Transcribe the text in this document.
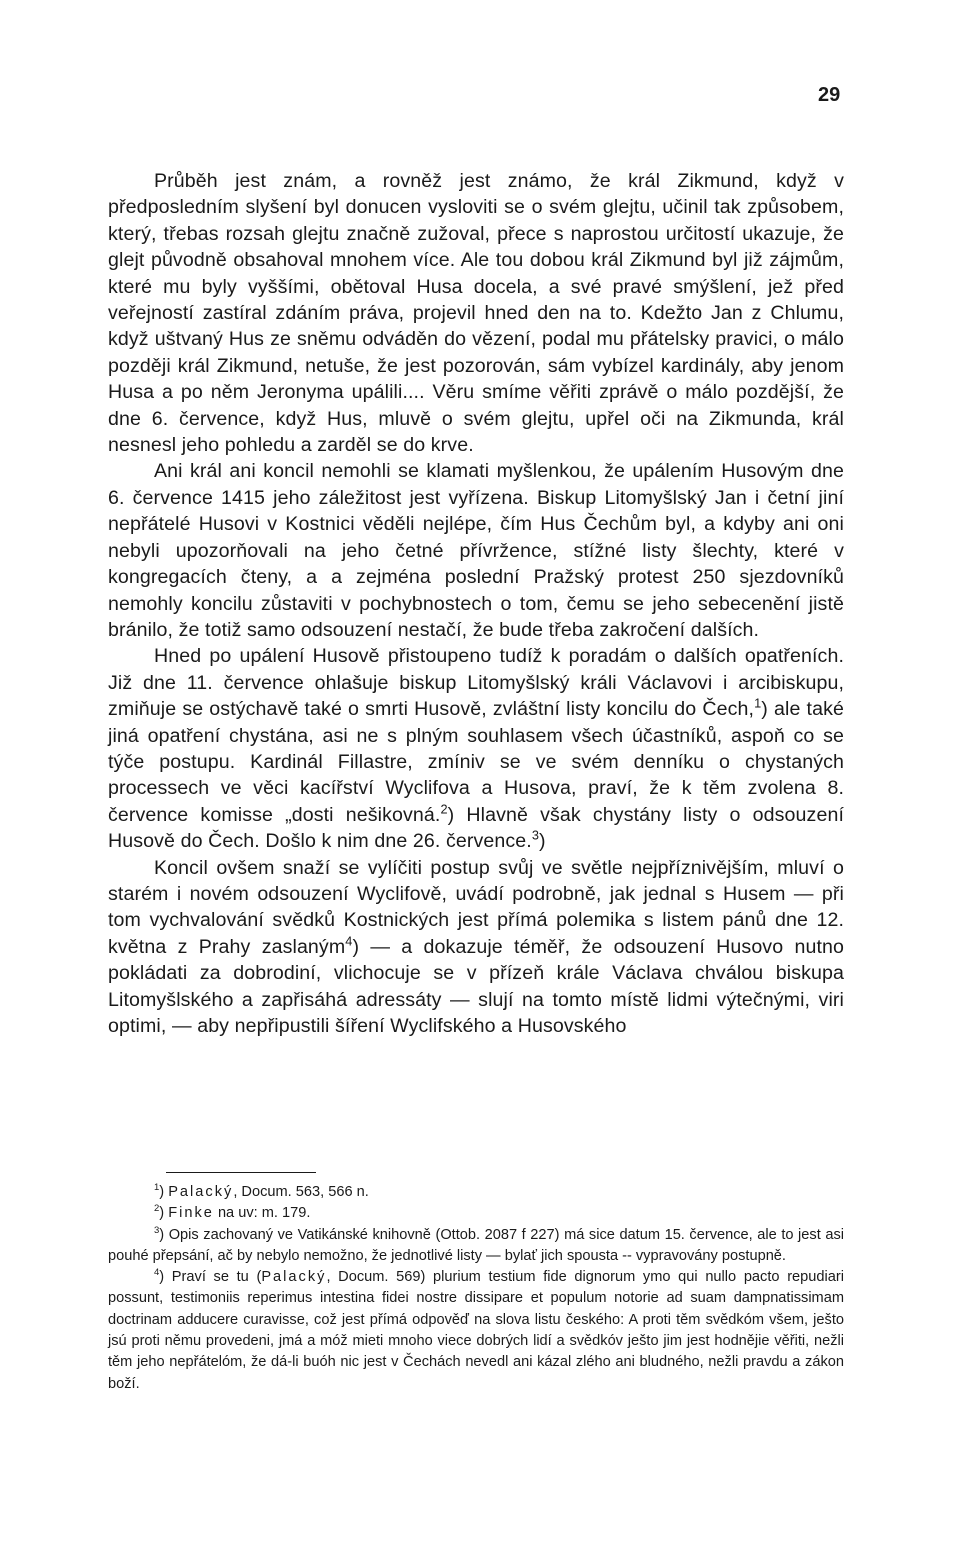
29

Průběh jest znám, a rovněž jest známo, že král Zikmund, když v předposledním slyšení byl donucen vysloviti se o svém glejtu, učinil tak způsobem, který, třebas rozsah glejtu značně zužoval, přece s naprostou určitostí ukazuje, že glejt původně obsahoval mnohem více. Ale tou dobou král Zikmund byl již zájmům, které mu byly vyššími, obětoval Husa docela, a své pravé smýšlení, jež před veřejností zastíral zdáním práva, projevil hned den na to. Kdežto Jan z Chlumu, když uštvaný Hus ze sněmu odváděn do vězení, podal mu přátelsky pravici, o málo později král Zikmund, netuše, že jest pozorován, sám vybízel kardinály, aby jenom Husa a po něm Jeronyma upálili.... Věru smíme věřiti zprávě o málo pozdější, že dne 6. července, když Hus, mluvě o svém glejtu, upřel oči na Zikmunda, král nesnesl jeho pohledu a zarděl se do krve.

Ani král ani koncil nemohli se klamati myšlenkou, že upálením Husovým dne 6. července 1415 jeho záležitost jest vyřízena. Biskup Litomyšlský Jan i četní jiní nepřátelé Husovi v Kostnici věděli nejlépe, čím Hus Čechům byl, a kdyby ani oni nebyli upozorňovali na jeho četné přívržence, stížné listy šlechty, které v kongregacích čteny, a a zejména poslední Pražský protest 250 sjezdovníků nemohly koncilu zůstaviti v pochybnostech o tom, čemu se jeho sebecenění jistě bránilo, že totiž samo odsouzení nestačí, že bude třeba zakročení dalších.

Hned po upálení Husově přistoupeno tudíž k poradám o dalších opatřeních. Již dne 11. července ohlašuje biskup Litomyšlský králi Václavovi i arcibiskupu, zmiňuje se ostýchavě také o smrti Husově, zvláštní listy koncilu do Čech,$^1$) ale také jiná opatření chystána, asi ne s plným souhlasem všech účastníků, aspoň co se týče postupu. Kardinál Fillastre, zmíniv se ve svém denníku o chystaných processech ve věci kacířství Wyclifova a Husova, praví, že k těm zvolena 8. července komisse „dosti nešikovná.$^2$) Hlavně však chystány listy o odsouzení Husově do Čech. Došlo k nim dne 26. července.$^3$)

Koncil ovšem snaží se vylíčiti postup svůj ve světle nejpříznivějším, mluví o starém i novém odsouzení Wyclifově, uvádí podrobně, jak jednal s Husem — při tom vychvalování svědků Kostnických jest přímá polemika s listem pánů dne 12. května z Prahy zaslaným$^4$) — a dokazuje téměř, že odsouzení Husovo nutno pokládati za dobrodiní, vlichocuje se v přízeň krále Václava chválou biskupa Litomyšlského a zapřisáhá adressáty — slují na tomto místě lidmi výtečnými, viri optimi, — aby nepřipustili šíření Wyclifského a Husovského

$^1$) Palacký, Docum. 563, 566 n.

$^2$) Finke na uv: m. 179.

$^3$) Opis zachovaný ve Vatikánské knihovně (Ottob. 2087 f 227) má sice datum 15. července, ale to jest asi pouhé přepsání, ač by nebylo nemožno, že jednotlivé listy — bylať jich spousta -- vypravovány postupně.

$^4$) Praví se tu (Palacký, Docum. 569) plurium testium fide dignorum ymo qui nullo pacto repudiari possunt, testimoniis reperimus intestina fidei nostre dissipare et populum notorie ad suam dampnatissimam doctrinam adducere curavisse, což jest přímá odpověď na slova listu českého: A proti těm svědkóm všem, ješto jsú proti němu provedeni, jmá a móž mieti mnoho viece dobrých lidí a svědkóv ješto jim jest hodnějie věřiti, nežli těm jeho nepřátelóm, že dá-li buóh nic jest v Čechách nevedl ani kázal zlého ani bludného, nežli pravdu a zákon boží.
